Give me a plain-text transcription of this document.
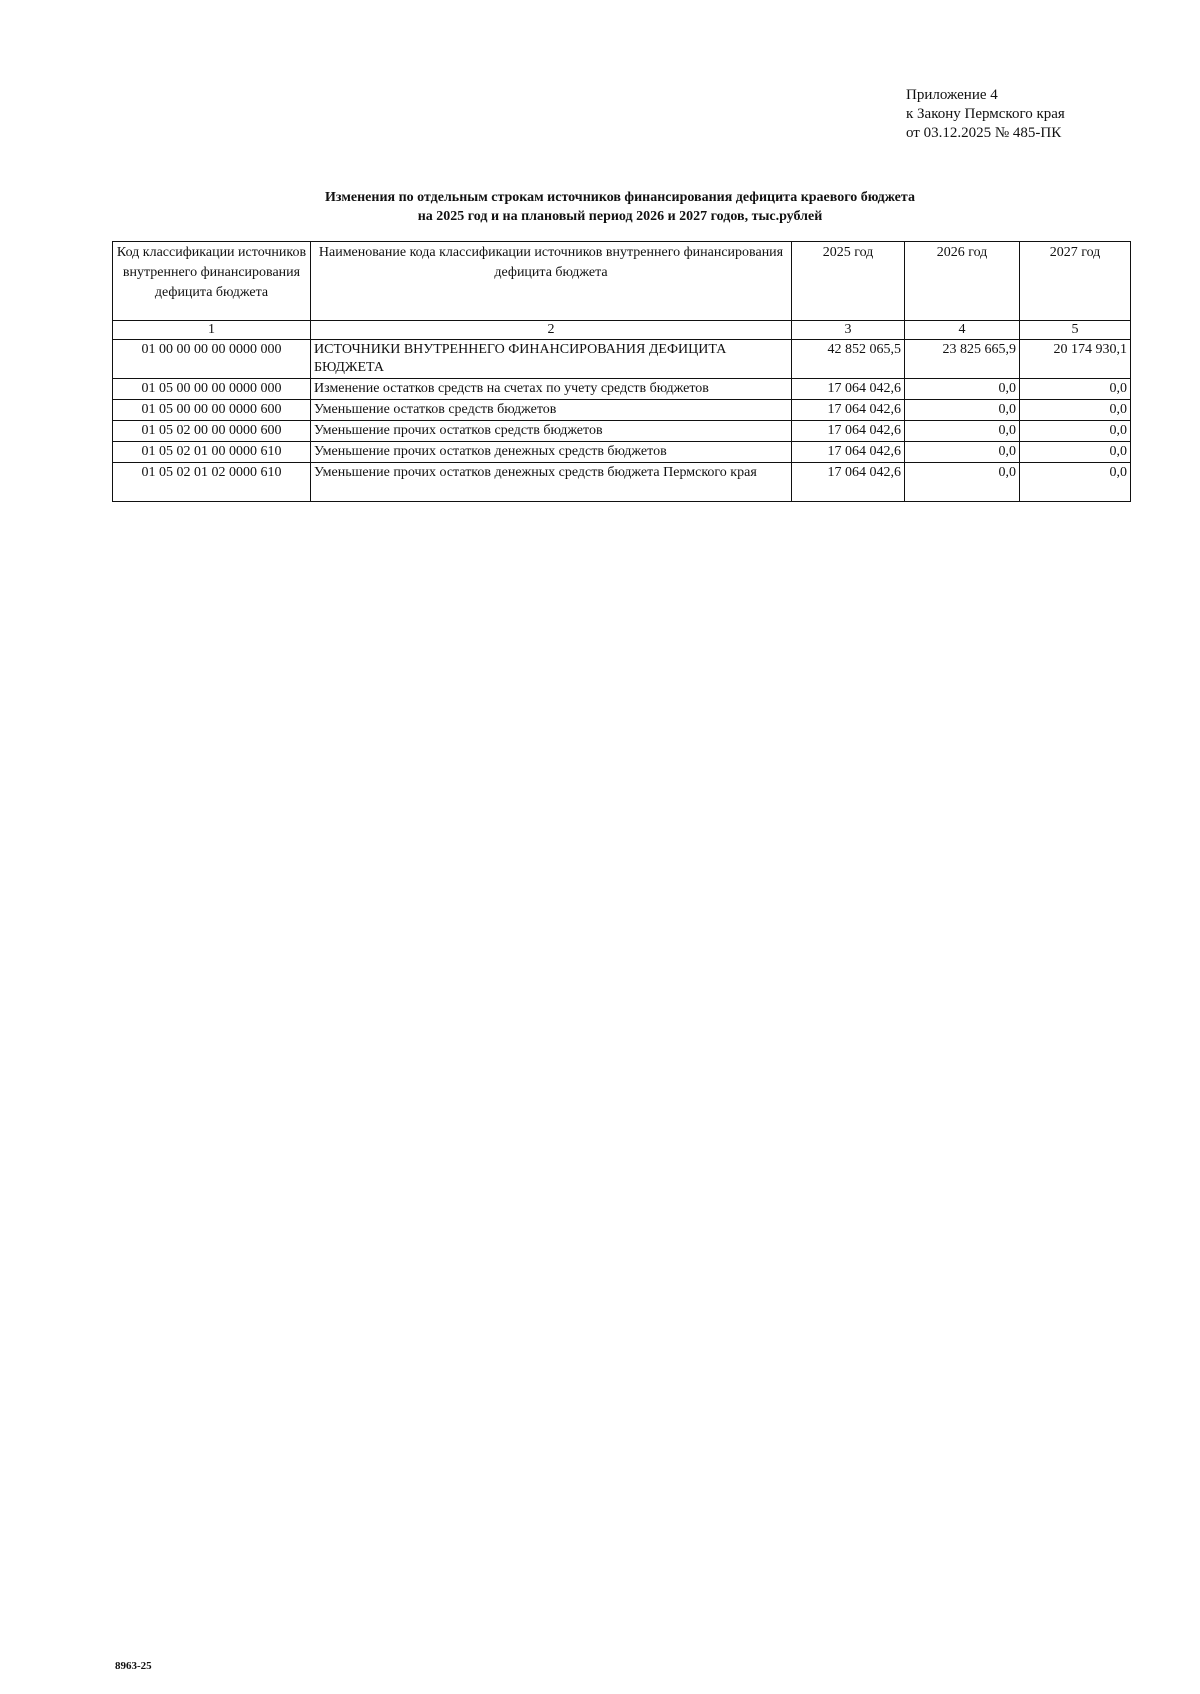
Приложение 4
к Закону Пермского края
от 03.12.2025 № 485-ПК
Изменения по отдельным строкам источников финансирования дефицита краевого бюджета
на 2025 год и на плановый период 2026 и 2027 годов, тыс.рублей
Код классификации источников внутреннего финансирования дефицита бюджета	Наименование кода классификации источников внутреннего финансирования дефицита бюджета	2025 год	2026 год	2027 год
1	2	3	4	5
01 00 00 00 00 0000 000	ИСТОЧНИКИ ВНУТРЕННЕГО ФИНАНСИРОВАНИЯ ДЕФИЦИТА БЮДЖЕТА	42 852 065,5	23 825 665,9	20 174 930,1
01 05 00 00 00 0000 000	Изменение остатков средств на счетах по учету средств бюджетов	17 064 042,6	0,0	0,0
01 05 00 00 00 0000 600	Уменьшение остатков средств бюджетов	17 064 042,6	0,0	0,0
01 05 02 00 00 0000 600	Уменьшение прочих остатков средств бюджетов	17 064 042,6	0,0	0,0
01 05 02 01 00 0000 610	Уменьшение прочих остатков денежных средств бюджетов	17 064 042,6	0,0	0,0
01 05 02 01 02 0000 610	Уменьшение прочих остатков денежных средств бюджета Пермского края	17 064 042,6	0,0	0,0
8963-25
